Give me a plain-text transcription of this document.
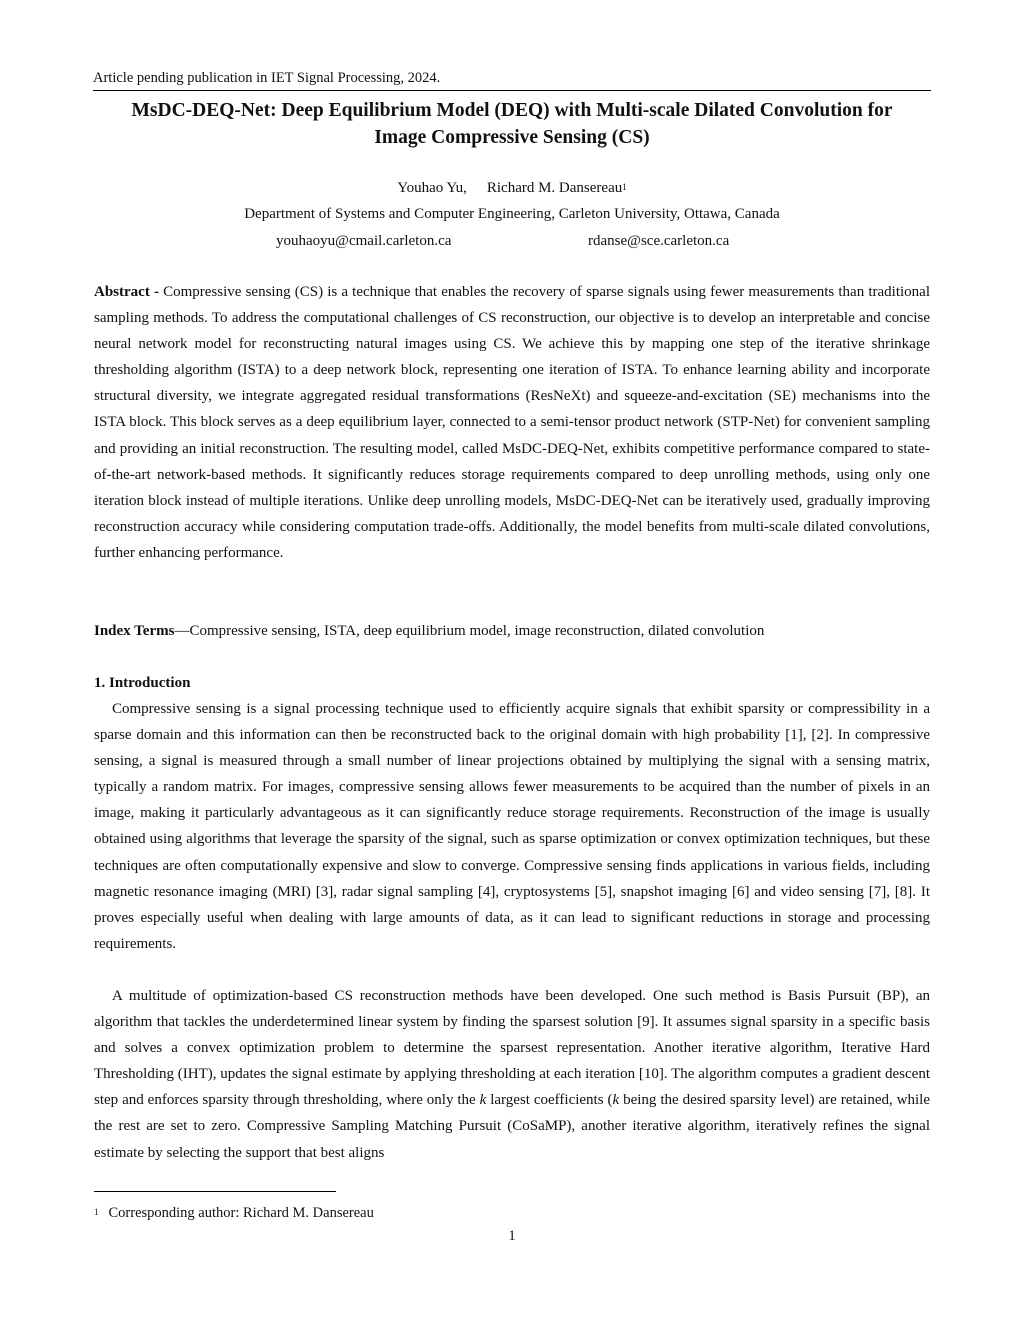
Article pending publication in IET Signal Processing, 2024.
MsDC-DEQ-Net: Deep Equilibrium Model (DEQ) with Multi-scale Dilated Convolution for
Image Compressive Sensing (CS)
Youhao Yu, Richard M. Dansereau$^1$
Department of Systems and Computer Engineering, Carleton University, Ottawa, Canada
youhaoyu@cmail.carleton.ca	rdanse@sce.carleton.ca
Abstract - Compressive sensing (CS) is a technique that enables the recovery of sparse signals using fewer measurements than traditional sampling methods. To address the computational challenges of CS reconstruction, our objective is to develop an interpretable and concise neural network model for reconstructing natural images using CS. We achieve this by mapping one step of the iterative shrinkage thresholding algorithm (ISTA) to a deep network block, representing one iteration of ISTA. To enhance learning ability and incorporate structural diversity, we integrate aggregated residual transformations (ResNeXt) and squeeze-and-excitation (SE) mechanisms into the ISTA block. This block serves as a deep equilibrium layer, connected to a semi-tensor product network (STP-Net) for convenient sampling and providing an initial reconstruction. The resulting model, called MsDC-DEQ-Net, exhibits competitive performance compared to state-of-the-art network-based methods. It significantly reduces storage requirements compared to deep unrolling methods, using only one iteration block instead of multiple iterations. Unlike deep unrolling models, MsDC-DEQ-Net can be iteratively used, gradually improving reconstruction accuracy while considering computation trade-offs. Additionally, the model benefits from multi-scale dilated convolutions, further enhancing performance.
Index Terms—Compressive sensing, ISTA, deep equilibrium model, image reconstruction, dilated convolution
1. Introduction
Compressive sensing is a signal processing technique used to efficiently acquire signals that exhibit sparsity or compressibility in a sparse domain and this information can then be reconstructed back to the original domain with high probability [1], [2]. In compressive sensing, a signal is measured through a small number of linear projections obtained by multiplying the signal with a sensing matrix, typically a random matrix. For images, compressive sensing allows fewer measurements to be acquired than the number of pixels in an image, making it particularly advantageous as it can significantly reduce storage requirements. Reconstruction of the image is usually obtained using algorithms that leverage the sparsity of the signal, such as sparse optimization or convex optimization techniques, but these techniques are often computationally expensive and slow to converge. Compressive sensing finds applications in various fields, including magnetic resonance imaging (MRI) [3], radar signal sampling [4], cryptosystems [5], snapshot imaging [6] and video sensing [7], [8]. It proves especially useful when dealing with large amounts of data, as it can lead to significant reductions in storage and processing requirements.
A multitude of optimization-based CS reconstruction methods have been developed. One such method is Basis Pursuit (BP), an algorithm that tackles the underdetermined linear system by finding the sparsest solution [9]. It assumes signal sparsity in a specific basis and solves a convex optimization problem to determine the sparsest representation. Another iterative algorithm, Iterative Hard Thresholding (IHT), updates the signal estimate by applying thresholding at each iteration [10]. The algorithm computes a gradient descent step and enforces sparsity through thresholding, where only the k largest coefficients (k being the desired sparsity level) are retained, while the rest are set to zero. Compressive Sampling Matching Pursuit (CoSaMP), another iterative algorithm, iteratively refines the signal estimate by selecting the support that best aligns
$^1$ Corresponding author: Richard M. Dansereau
1
